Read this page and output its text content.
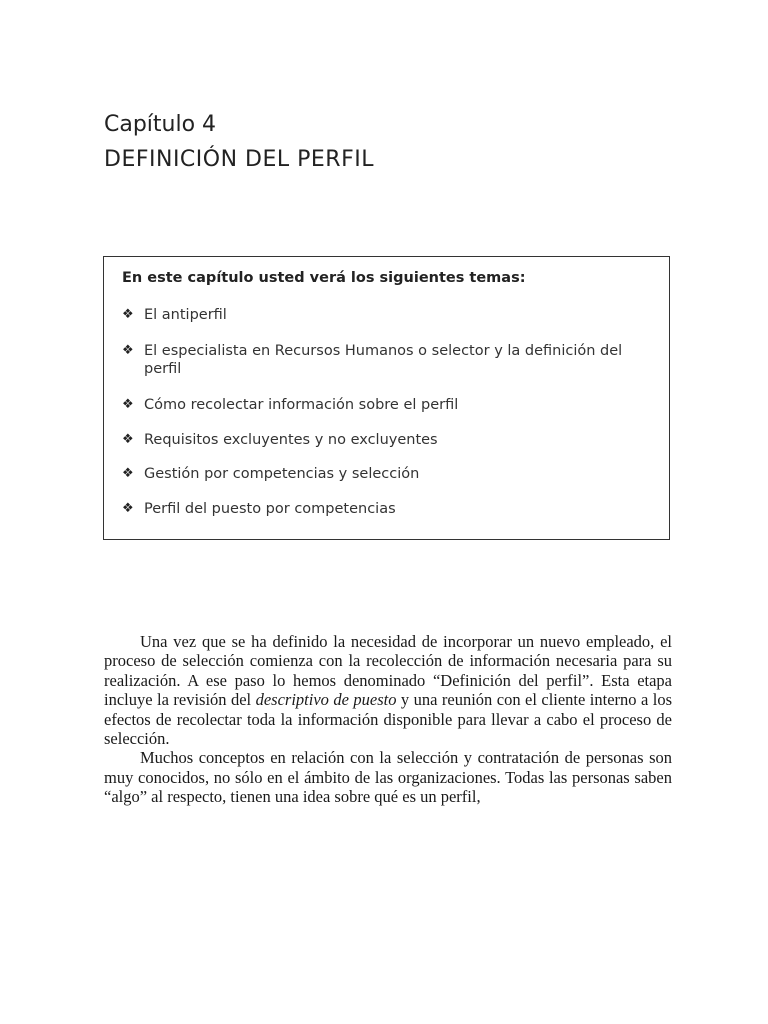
Capítulo 4
DEFINICIÓN DEL PERFIL
En este capítulo usted verá los siguientes temas:
❖ El antiperfil
❖ El especialista en Recursos Humanos o selector y la definición del perfil
❖ Cómo recolectar información sobre el perfil
❖ Requisitos excluyentes y no excluyentes
❖ Gestión por competencias y selección
❖ Perfil del puesto por competencias

Una vez que se ha definido la necesidad de incorporar un nuevo empleado, el proceso de selección comienza con la recolección de información necesaria para su realización. A ese paso lo hemos denominado “Definición del perfil”. Esta etapa incluye la revisión del descriptivo de puesto y una reunión con el cliente interno a los efectos de recolectar toda la información disponible para llevar a cabo el proceso de selección.

Muchos conceptos en relación con la selección y contratación de personas son muy conocidos, no sólo en el ámbito de las organizaciones. Todas las personas saben “algo” al respecto, tienen una idea sobre qué es un perfil,
